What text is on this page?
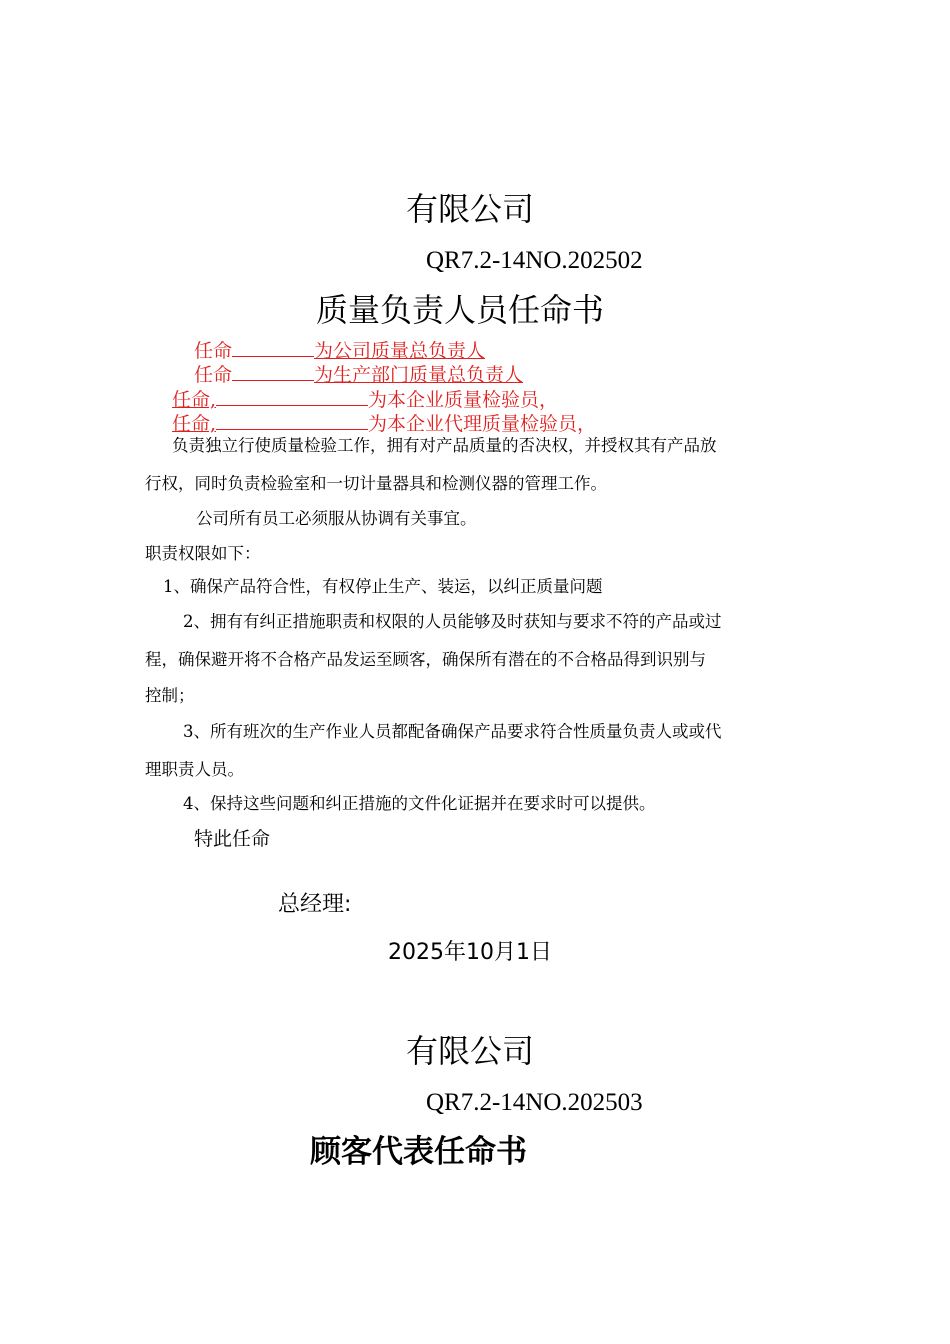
有限公司
QR7.2-14NO.202502
质量负责人员任命书
任命	为公司质量总负责人
任命	为生产部门质量总负责人
任命,	为本企业质量检验员，
任命,	为本企业代理质量检验员，
负责独立行使质量检验工作，拥有对产品质量的否决权，并授权其有产品放
行权，同时负责检验室和一切计量器具和检测仪器的管理工作。
公司所有员工必须服从协调有关事宜。
职责权限如下：
1、确保产品符合性，有权停止生产、装运，以纠正质量问题
2、拥有有纠正措施职责和权限的人员能够及时获知与要求不符的产品或过
程，确保避开将不合格产品发运至顾客，确保所有潜在的不合格品得到识别与
控制；
3、所有班次的生产作业人员都配备确保产品要求符合性质量负责人或或代
理职责人员。
4、保持这些问题和纠正措施的文件化证据并在要求时可以提供。
特此任命
总经理:
2025年10月1日
有限公司
QR7.2-14NO.202503
顾客代表任命书
